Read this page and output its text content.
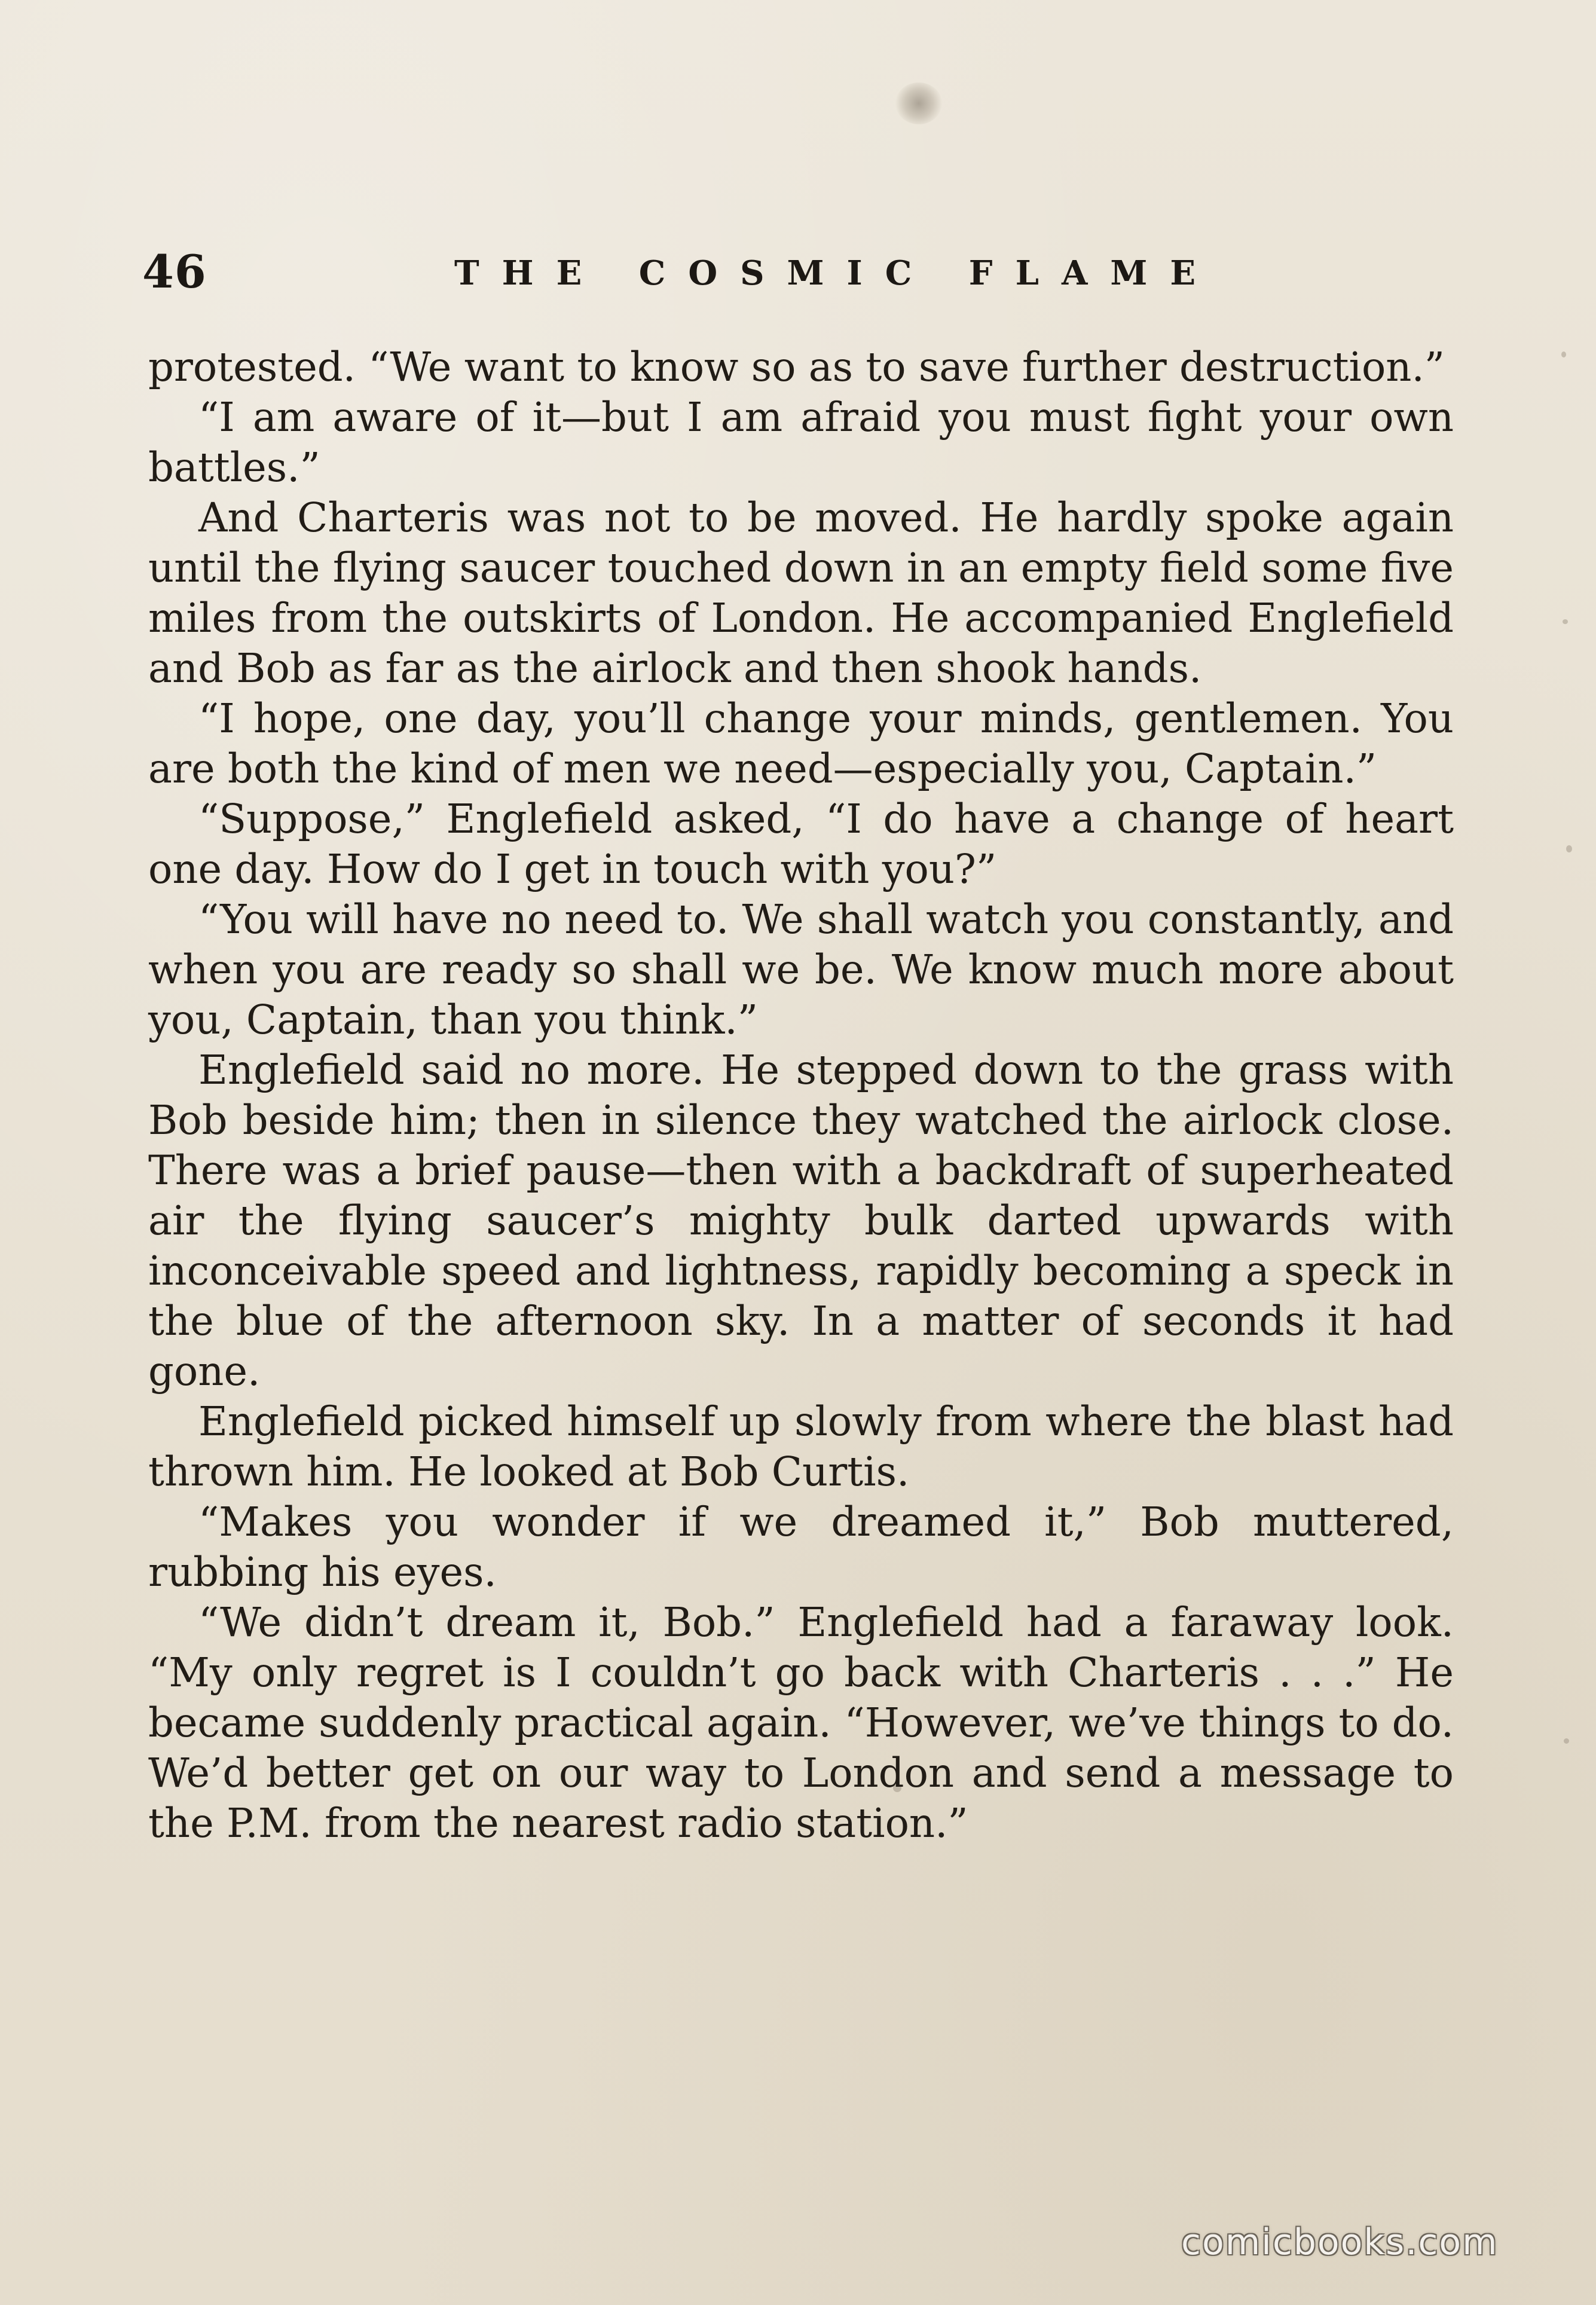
46	THE COSMIC FLAME

protested. “We want to know so as to save further destruction.”

“I am aware of it—but I am afraid you must fight your own battles.”

And Charteris was not to be moved. He hardly spoke again until the flying saucer touched down in an empty field some five miles from the outskirts of London. He accompanied Englefield and Bob as far as the airlock and then shook hands.

“I hope, one day, you’ll change your minds, gentlemen. You are both the kind of men we need—especially you, Captain.”

“Suppose,” Englefield asked, “I do have a change of heart one day. How do I get in touch with you?”

“You will have no need to. We shall watch you constantly, and when you are ready so shall we be. We know much more about you, Captain, than you think.”

Englefield said no more. He stepped down to the grass with Bob beside him; then in silence they watched the airlock close. There was a brief pause—then with a backdraft of superheated air the flying saucer’s mighty bulk darted upwards with inconceivable speed and lightness, rapidly becoming a speck in the blue of the afternoon sky. In a matter of seconds it had gone.

Englefield picked himself up slowly from where the blast had thrown him. He looked at Bob Curtis.

“Makes you wonder if we dreamed it,” Bob muttered, rubbing his eyes.

“We didn’t dream it, Bob.” Englefield had a faraway look. “My only regret is I couldn’t go back with Charteris . . .” He became suddenly practical again. “However, we’ve things to do. We’d better get on our way to London and send a message to the P.M. from the nearest radio station.”

comicbooks.com
